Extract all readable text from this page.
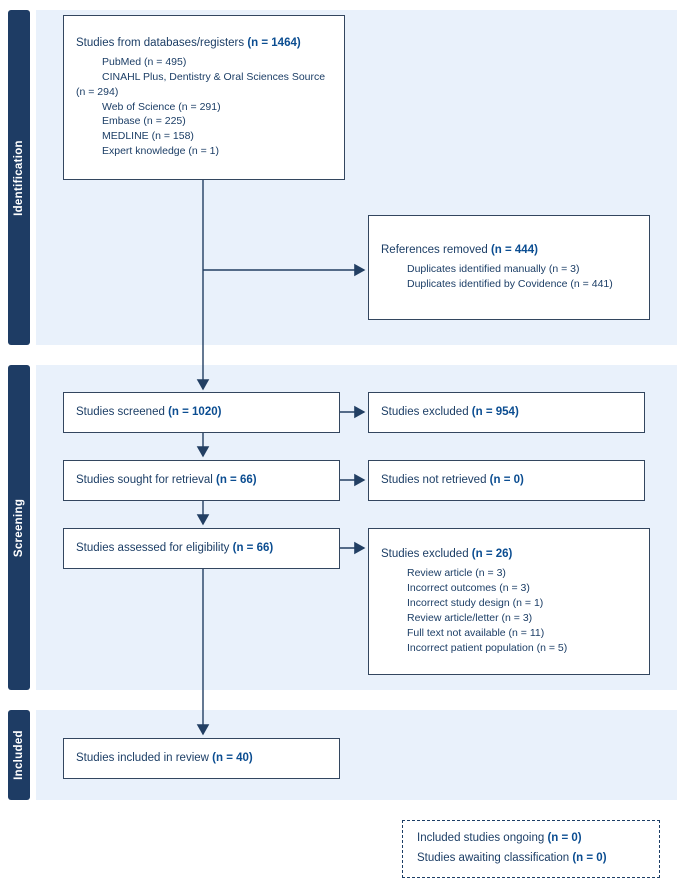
Identification
Screening
Included
Studies from databases/registers (n = 1464)
PubMed (n = 495)
CINAHL Plus, Dentistry & Oral Sciences Source (n = 294)
Web of Science (n = 291)
Embase (n = 225)
MEDLINE (n = 158)
Expert knowledge (n = 1)
References removed (n = 444)
Duplicates identified manually (n = 3)
Duplicates identified by Covidence (n = 441)
Studies screened (n = 1020)	Studies excluded (n = 954)
Studies sought for retrieval (n = 66)	Studies not retrieved (n = 0)
Studies assessed for eligibility (n = 66)
Studies excluded (n = 26)
Review article (n = 3)
Incorrect outcomes (n = 3)
Incorrect study design (n = 1)
Review article/letter (n = 3)
Full text not available (n = 11)
Incorrect patient population (n = 5)
Studies included in review (n = 40)
Included studies ongoing (n = 0)
Studies awaiting classification (n = 0)
